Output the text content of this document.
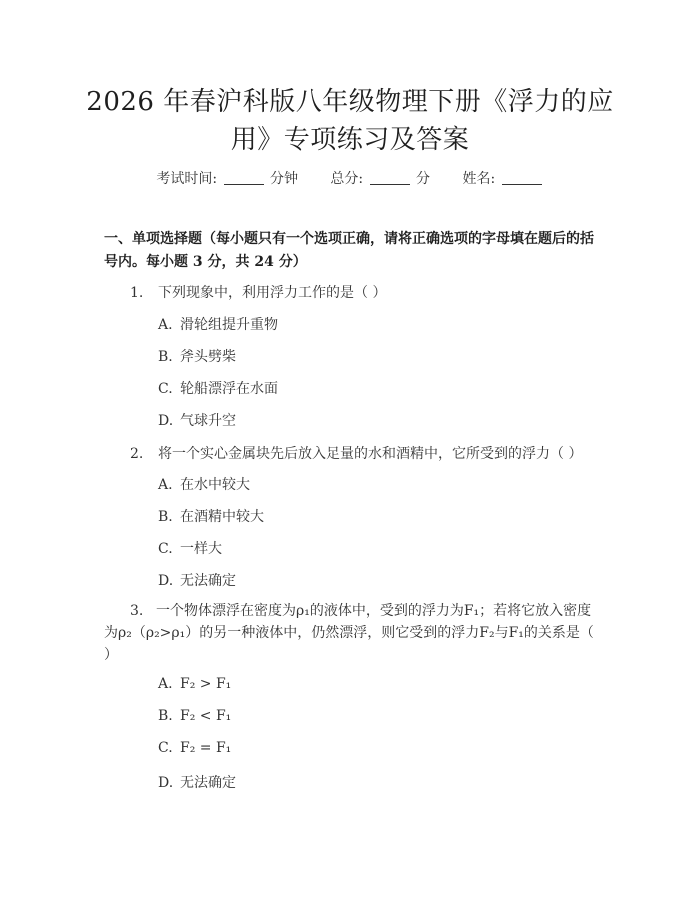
2026 年春沪科版八年级物理下册《浮力的应
用》专项练习及答案
考试时间:	分钟 总分:	分 姓名:
一、单项选择题（每小题只有一个选项正确，请将正确选项的字母填在题后的括号内。每小题 3 分，共 24 分）
1. 下列现象中，利用浮力工作的是（ ）
A. 滑轮组提升重物
B. 斧头劈柴
C. 轮船漂浮在水面
D. 气球升空
2. 将一个实心金属块先后放入足量的水和酒精中，它所受到的浮力（ ）
A. 在水中较大
B. 在酒精中较大
C. 一样大
D. 无法确定
3. 一个物体漂浮在密度为ρ₁的液体中，受到的浮力为F₁；若将它放入密度为ρ₂（ρ₂>ρ₁）的另一种液体中，仍然漂浮，则它受到的浮力F₂与F₁的关系是（ ）
A. F₂ > F₁
B. F₂ < F₁
C. F₂ = F₁
D. 无法确定
